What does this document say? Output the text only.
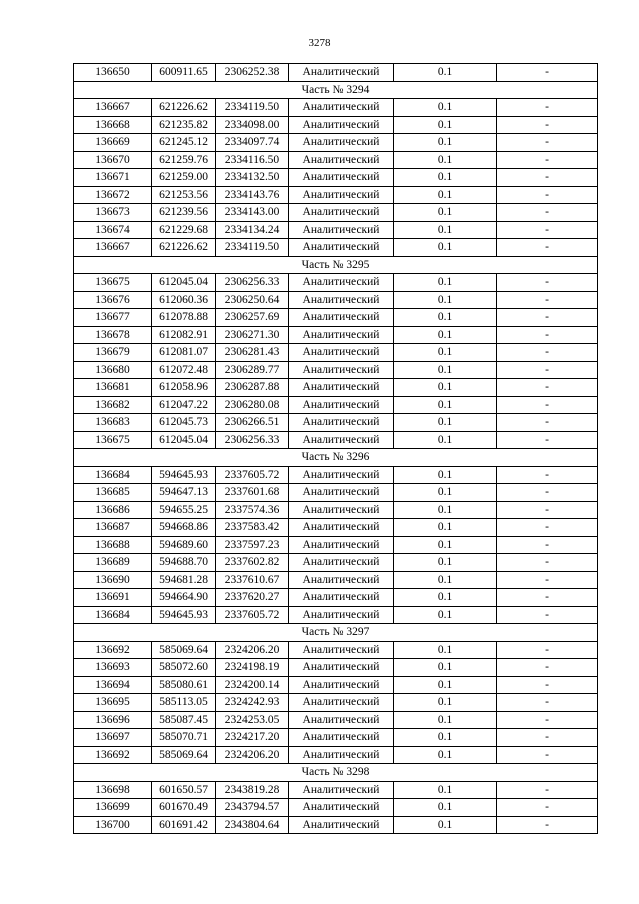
3278
136650	600911.65	2306252.38	Аналитический	0.1	-
Часть № 3294					
136667	621226.62	2334119.50	Аналитический	0.1	-
136668	621235.82	2334098.00	Аналитический	0.1	-
136669	621245.12	2334097.74	Аналитический	0.1	-
136670	621259.76	2334116.50	Аналитический	0.1	-
136671	621259.00	2334132.50	Аналитический	0.1	-
136672	621253.56	2334143.76	Аналитический	0.1	-
136673	621239.56	2334143.00	Аналитический	0.1	-
136674	621229.68	2334134.24	Аналитический	0.1	-
136667	621226.62	2334119.50	Аналитический	0.1	-
Часть № 3295					
136675	612045.04	2306256.33	Аналитический	0.1	-
136676	612060.36	2306250.64	Аналитический	0.1	-
136677	612078.88	2306257.69	Аналитический	0.1	-
136678	612082.91	2306271.30	Аналитический	0.1	-
136679	612081.07	2306281.43	Аналитический	0.1	-
136680	612072.48	2306289.77	Аналитический	0.1	-
136681	612058.96	2306287.88	Аналитический	0.1	-
136682	612047.22	2306280.08	Аналитический	0.1	-
136683	612045.73	2306266.51	Аналитический	0.1	-
136675	612045.04	2306256.33	Аналитический	0.1	-
Часть № 3296					
136684	594645.93	2337605.72	Аналитический	0.1	-
136685	594647.13	2337601.68	Аналитический	0.1	-
136686	594655.25	2337574.36	Аналитический	0.1	-
136687	594668.86	2337583.42	Аналитический	0.1	-
136688	594689.60	2337597.23	Аналитический	0.1	-
136689	594688.70	2337602.82	Аналитический	0.1	-
136690	594681.28	2337610.67	Аналитический	0.1	-
136691	594664.90	2337620.27	Аналитический	0.1	-
136684	594645.93	2337605.72	Аналитический	0.1	-
Часть № 3297					
136692	585069.64	2324206.20	Аналитический	0.1	-
136693	585072.60	2324198.19	Аналитический	0.1	-
136694	585080.61	2324200.14	Аналитический	0.1	-
136695	585113.05	2324242.93	Аналитический	0.1	-
136696	585087.45	2324253.05	Аналитический	0.1	-
136697	585070.71	2324217.20	Аналитический	0.1	-
136692	585069.64	2324206.20	Аналитический	0.1	-
Часть № 3298					
136698	601650.57	2343819.28	Аналитический	0.1	-
136699	601670.49	2343794.57	Аналитический	0.1	-
136700	601691.42	2343804.64	Аналитический	0.1	-
